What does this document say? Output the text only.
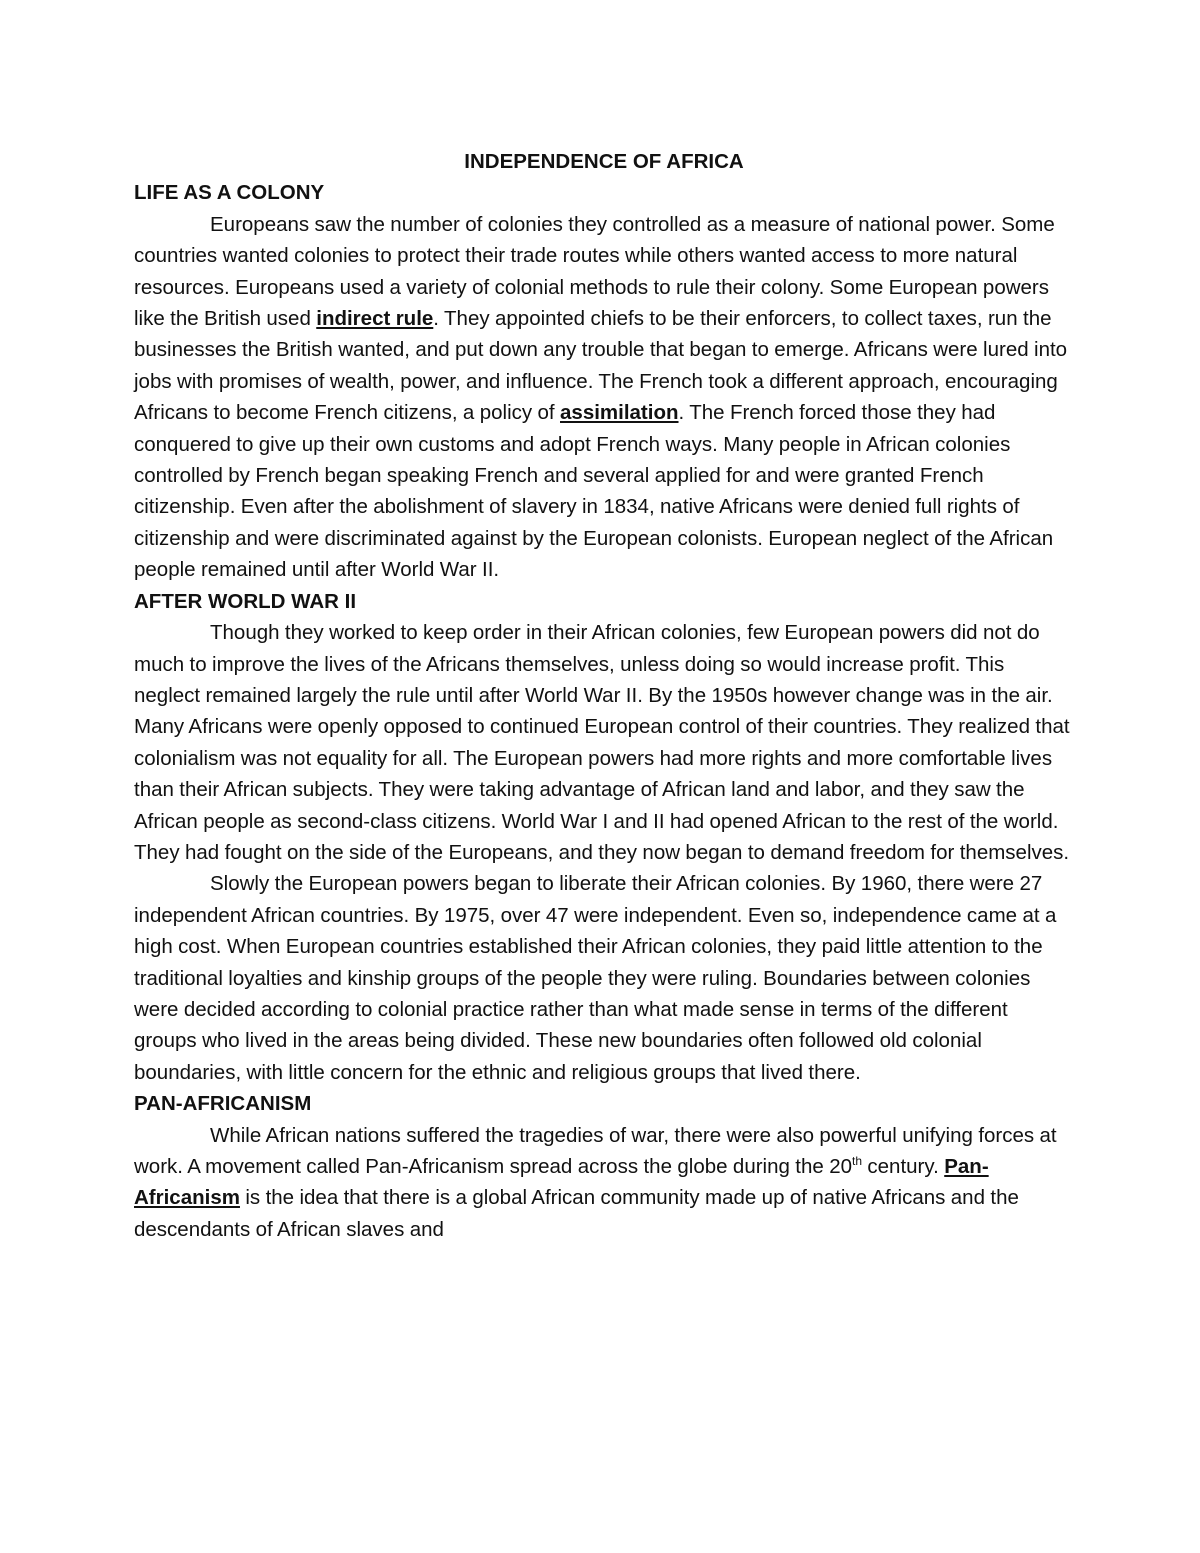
INDEPENDENCE OF AFRICA

LIFE AS A COLONY

Europeans saw the number of colonies they controlled as a measure of national power. Some countries wanted colonies to protect their trade routes while others wanted access to more natural resources. Europeans used a variety of colonial methods to rule their colony. Some European powers like the British used indirect rule. They appointed chiefs to be their enforcers, to collect taxes, run the businesses the British wanted, and put down any trouble that began to emerge. Africans were lured into jobs with promises of wealth, power, and influence. The French took a different approach, encouraging Africans to become French citizens, a policy of assimilation. The French forced those they had conquered to give up their own customs and adopt French ways. Many people in African colonies controlled by French began speaking French and several applied for and were granted French citizenship. Even after the abolishment of slavery in 1834, native Africans were denied full rights of citizenship and were discriminated against by the European colonists. European neglect of the African people remained until after World War II.

AFTER WORLD WAR II

Though they worked to keep order in their African colonies, few European powers did not do much to improve the lives of the Africans themselves, unless doing so would increase profit. This neglect remained largely the rule until after World War II. By the 1950s however change was in the air. Many Africans were openly opposed to continued European control of their countries. They realized that colonialism was not equality for all. The European powers had more rights and more comfortable lives than their African subjects. They were taking advantage of African land and labor, and they saw the African people as second-class citizens. World War I and II had opened African to the rest of the world. They had fought on the side of the Europeans, and they now began to demand freedom for themselves.

Slowly the European powers began to liberate their African colonies. By 1960, there were 27 independent African countries. By 1975, over 47 were independent. Even so, independence came at a high cost. When European countries established their African colonies, they paid little attention to the traditional loyalties and kinship groups of the people they were ruling. Boundaries between colonies were decided according to colonial practice rather than what made sense in terms of the different groups who lived in the areas being divided. These new boundaries often followed old colonial boundaries, with little concern for the ethnic and religious groups that lived there.

PAN-AFRICANISM

While African nations suffered the tragedies of war, there were also powerful unifying forces at work. A movement called Pan-Africanism spread across the globe during the 20th century. Pan-Africanism is the idea that there is a global African community made up of native Africans and the descendants of African slaves and
